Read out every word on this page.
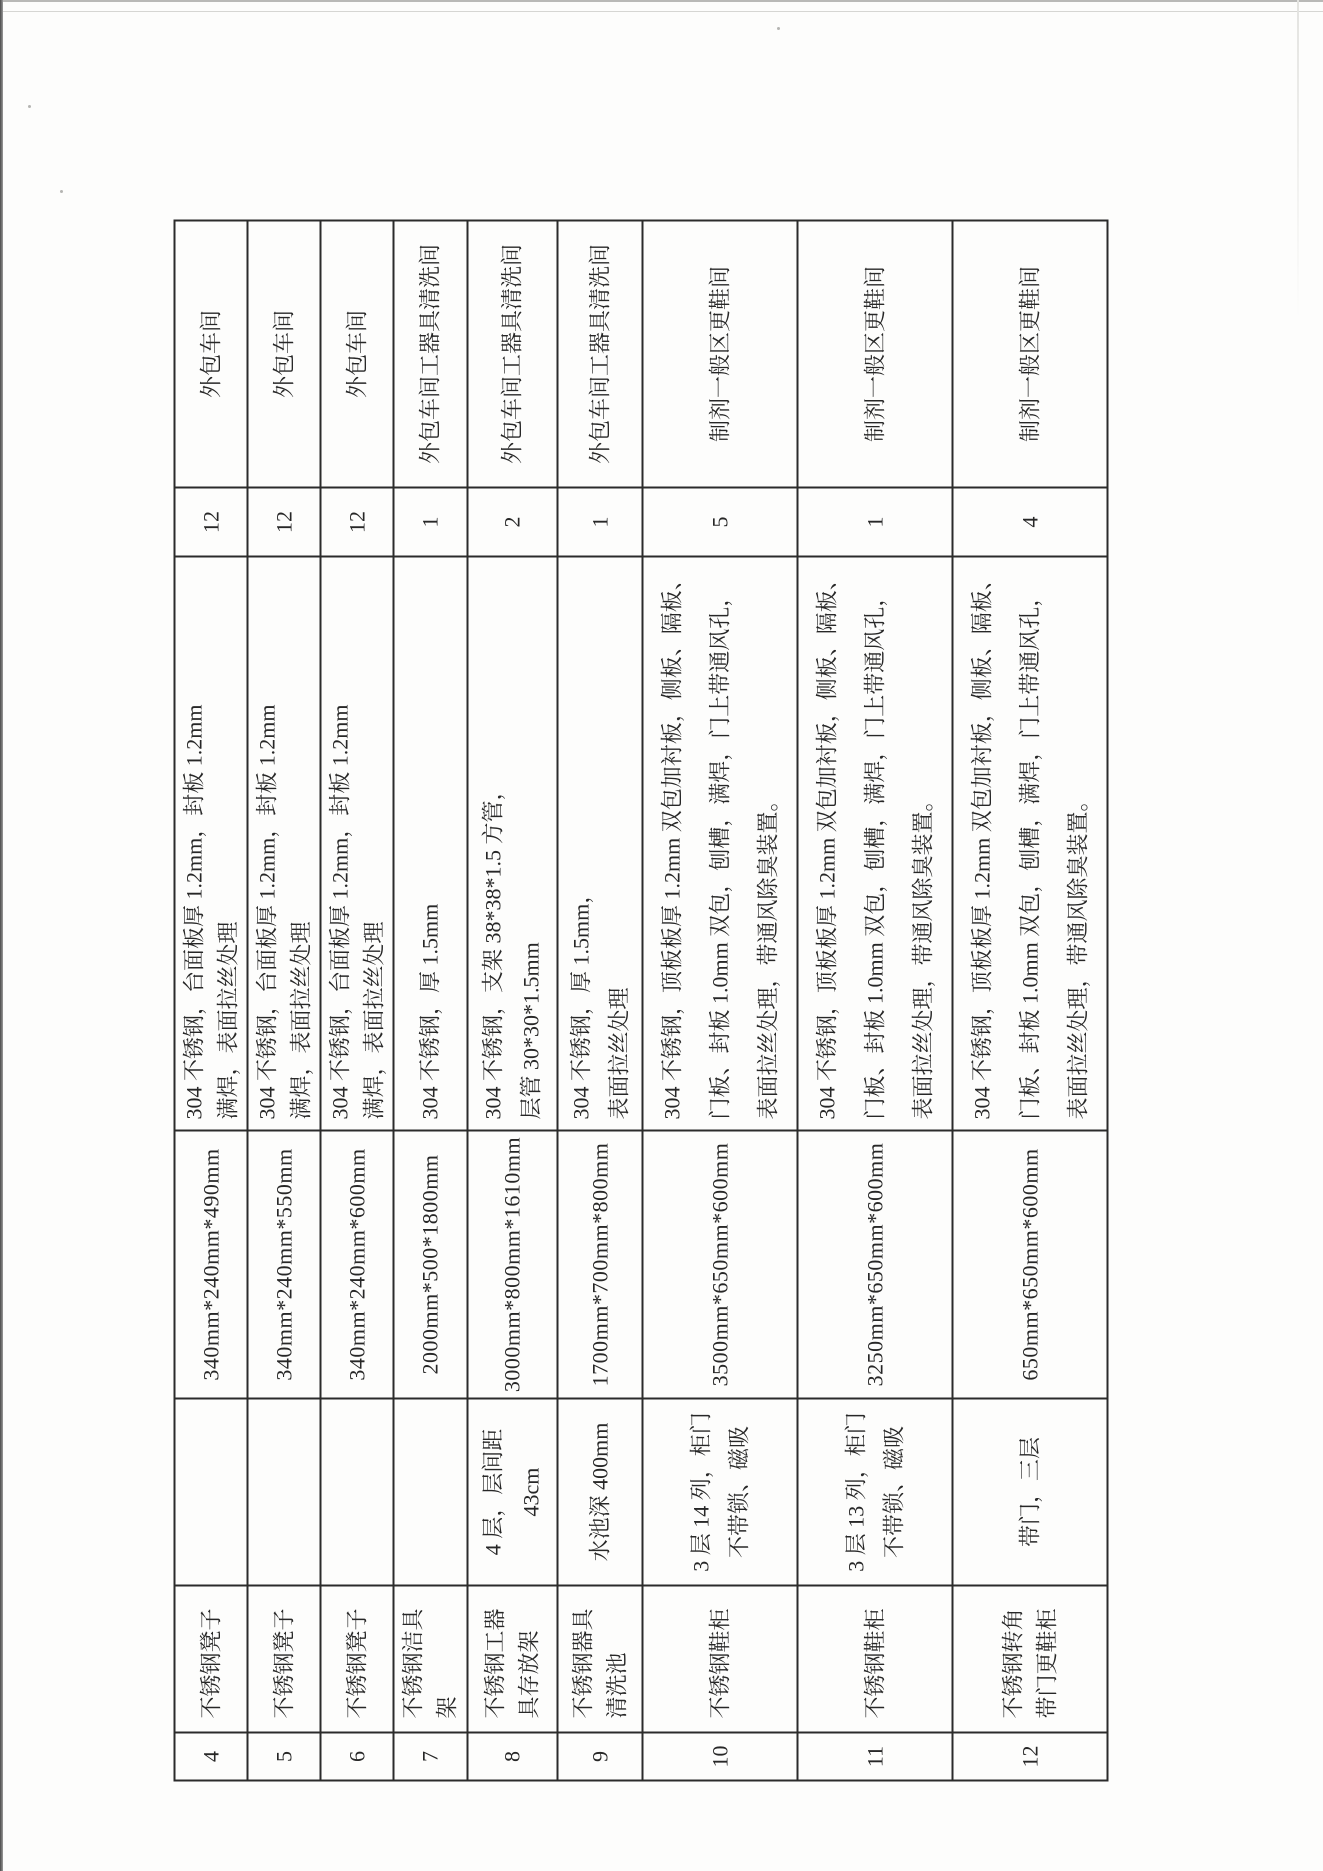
4
不锈钢凳子
340mm*240mm*490mm
304 不锈钢，台面板厚 1.2mm，封板 1.2mm
满焊，表面拉丝处理
12
外包车间
5
不锈钢凳子
340mm*240mm*550mm
304 不锈钢，台面板厚 1.2mm，封板 1.2mm
满焊，表面拉丝处理
12
外包车间
6
不锈钢凳子
340mm*240mm*600mm
304 不锈钢，台面板厚 1.2mm，封板 1.2mm
满焊，表面拉丝处理
12
外包车间
7
不锈钢洁具
架
2000mm*500*1800mm
304 不锈钢，厚 1.5mm
1
外包车间工器具清洗间
8
不锈钢工器
具存放架
4 层，层间距
43cm
3000mm*800mm*1610mm
304 不锈钢，支架 38*38*1.5 方管，
层管 30*30*1.5mm
2
外包车间工器具清洗间
9
不锈钢器具
清洗池
水池深 400mm
1700mm*700mm*800mm
304 不锈钢，厚 1.5mm，
表面拉丝处理
1
外包车间工器具清洗间
10
不锈钢鞋柜
3 层 14 列，柜门
不带锁、磁吸
3500mm*650mm*600mm
304 不锈钢，顶板板厚 1.2mm 双包加衬板，侧板、隔板、
门板、封板 1.0mm 双包，刨槽，满焊，门上带通风孔，
表面拉丝处理，带通风除臭装置。
5
制剂一般区更鞋间
11
不锈钢鞋柜
3 层 13 列，柜门
不带锁、磁吸
3250mm*650mm*600mm
304 不锈钢，顶板板厚 1.2mm 双包加衬板，侧板、隔板、
门板、封板 1.0mm 双包，刨槽，满焊，门上带通风孔，
表面拉丝处理，带通风除臭装置。
1
制剂一般区更鞋间
12
不锈钢转角
带门更鞋柜
带门，三层
650mm*650mm*600mm
304 不锈钢，顶板板厚 1.2mm 双包加衬板，侧板、隔板、
门板、封板 1.0mm 双包，刨槽，满焊，门上带通风孔，
表面拉丝处理，带通风除臭装置。
4
制剂一般区更鞋间
